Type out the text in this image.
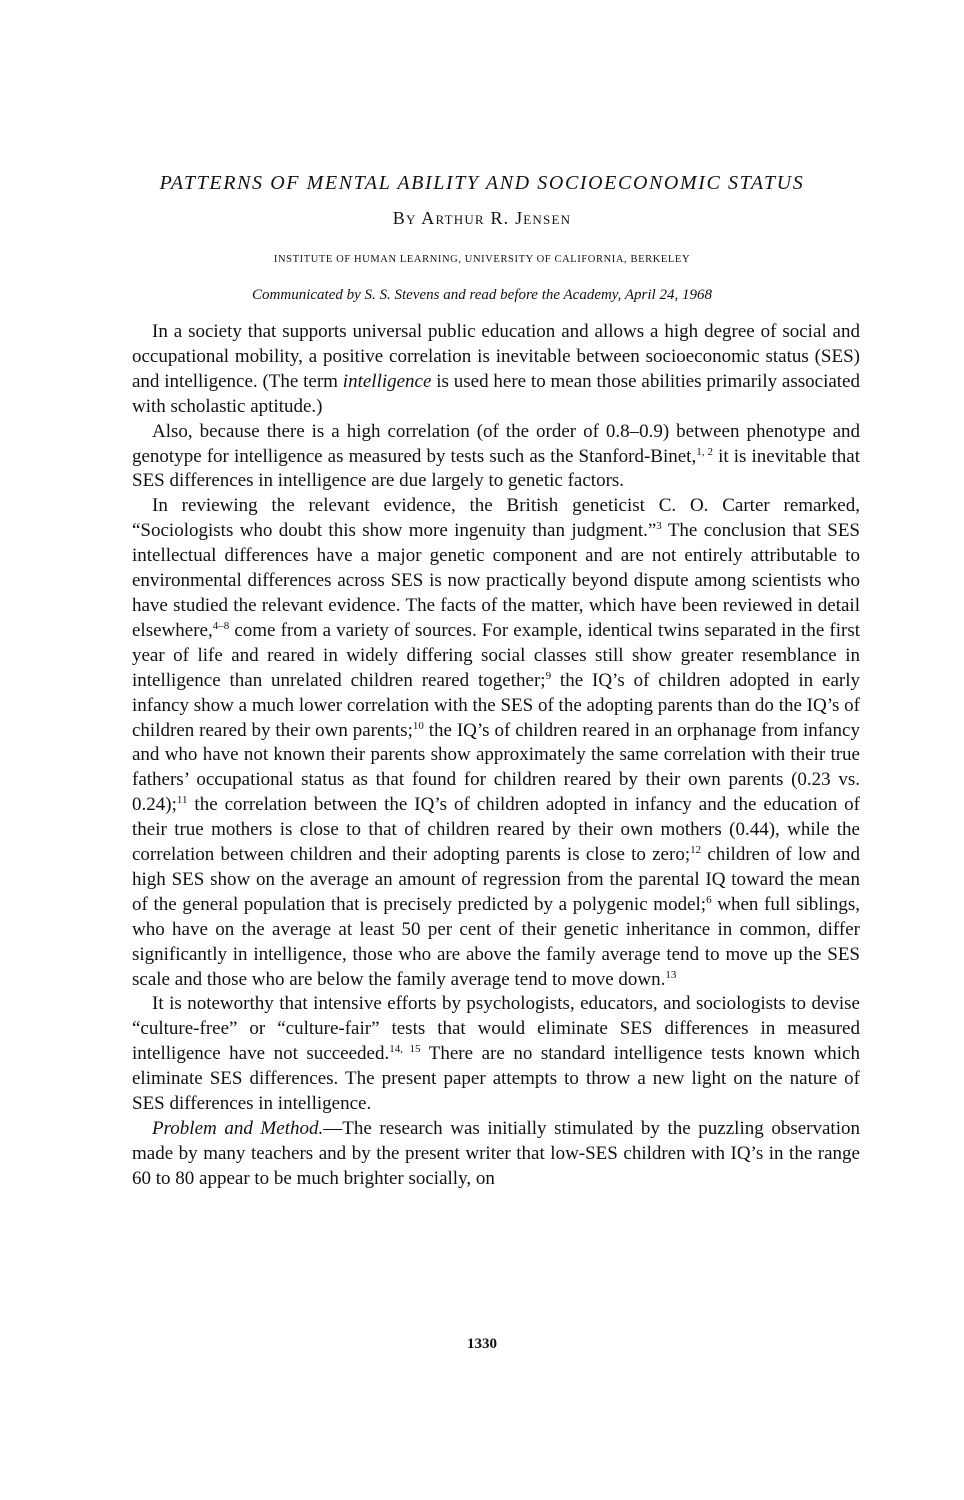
PATTERNS OF MENTAL ABILITY AND SOCIOECONOMIC STATUS
By Arthur R. Jensen
INSTITUTE OF HUMAN LEARNING, UNIVERSITY OF CALIFORNIA, BERKELEY
Communicated by S. S. Stevens and read before the Academy, April 24, 1968

In a society that supports universal public education and allows a high degree of social and occupational mobility, a positive correlation is inevitable between socioeconomic status (SES) and intelligence. (The term intelligence is used here to mean those abilities primarily associated with scholastic aptitude.)

Also, because there is a high correlation (of the order of 0.8–0.9) between phenotype and genotype for intelligence as measured by tests such as the Stanford-Binet,$^{1, 2}$ it is inevitable that SES differences in intelligence are due largely to genetic factors.

In reviewing the relevant evidence, the British geneticist C. O. Carter remarked, “Sociologists who doubt this show more ingenuity than judgment.”$^3$ The conclusion that SES intellectual differences have a major genetic component and are not entirely attributable to environmental differences across SES is now practically beyond dispute among scientists who have studied the relevant evidence. The facts of the matter, which have been reviewed in detail elsewhere,$^{4-8}$ come from a variety of sources. For example, identical twins separated in the first year of life and reared in widely differing social classes still show greater resemblance in intelligence than unrelated children reared together;$^9$ the IQ’s of children adopted in early infancy show a much lower correlation with the SES of the adopting parents than do the IQ’s of children reared by their own parents;$^{10}$ the IQ’s of children reared in an orphanage from infancy and who have not known their parents show approximately the same correlation with their true fathers’ occupational status as that found for children reared by their own parents (0.23 vs. 0.24);$^{11}$ the correlation between the IQ’s of children adopted in infancy and the education of their true mothers is close to that of children reared by their own mothers (0.44), while the correlation between children and their adopting parents is close to zero;$^{12}$ children of low and high SES show on the average an amount of regression from the parental IQ toward the mean of the general population that is precisely predicted by a polygenic model;$^6$ when full siblings, who have on the average at least 50 per cent of their genetic inheritance in common, differ significantly in intelligence, those who are above the family average tend to move up the SES scale and those who are below the family average tend to move down.$^{13}$

It is noteworthy that intensive efforts by psychologists, educators, and sociologists to devise “culture-free” or “culture-fair” tests that would eliminate SES differences in measured intelligence have not succeeded.$^{14, 15}$ There are no standard intelligence tests known which eliminate SES differences. The present paper attempts to throw a new light on the nature of SES differences in intelligence.

Problem and Method.—The research was initially stimulated by the puzzling observation made by many teachers and by the present writer that low-SES children with IQ’s in the range 60 to 80 appear to be much brighter socially, on

1330
